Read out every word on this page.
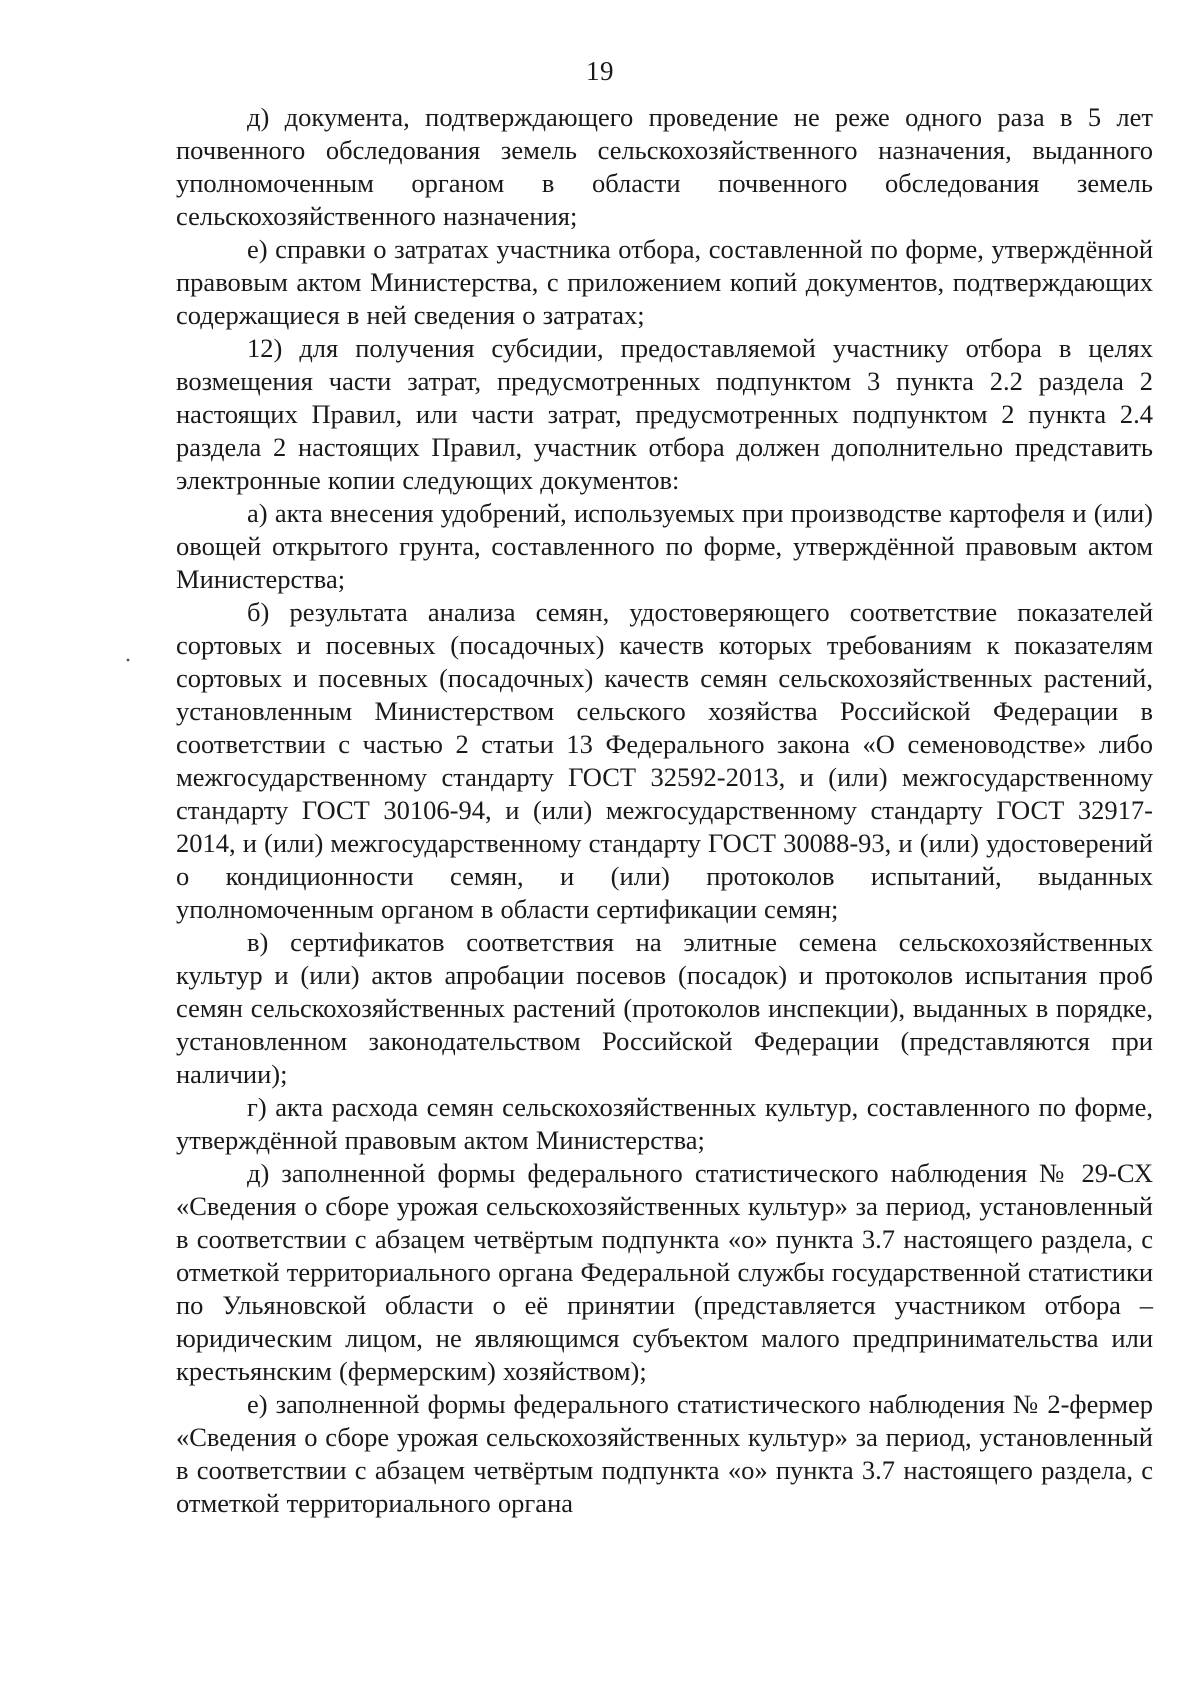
19

д) документа, подтверждающего проведение не реже одного раза в 5 лет почвенного обследования земель сельскохозяйственного назначения, выданного уполномоченным органом в области почвенного обследования земель сельскохозяйственного назначения;

е) справки о затратах участника отбора, составленной по форме, утверждённой правовым актом Министерства, с приложением копий документов, подтверждающих содержащиеся в ней сведения о затратах;

12) для получения субсидии, предоставляемой участнику отбора в целях возмещения части затрат, предусмотренных подпунктом 3 пункта 2.2 раздела 2 настоящих Правил, или части затрат, предусмотренных подпунктом 2 пункта 2.4 раздела 2 настоящих Правил, участник отбора должен дополнительно представить электронные копии следующих документов:

а) акта внесения удобрений, используемых при производстве картофеля и (или) овощей открытого грунта, составленного по форме, утверждённой правовым актом Министерства;

б) результата анализа семян, удостоверяющего соответствие показателей сортовых и посевных (посадочных) качеств которых требованиям к показателям сортовых и посевных (посадочных) качеств семян сельскохозяйственных растений, установленным Министерством сельского хозяйства Российской Федерации в соответствии с частью 2 статьи 13 Федерального закона «О семеноводстве» либо межгосударственному стандарту ГОСТ 32592-2013, и (или) межгосударственному стандарту ГОСТ 30106-94, и (или) межгосударственному стандарту ГОСТ 32917-2014, и (или) межгосударственному стандарту ГОСТ 30088-93, и (или) удостоверений о кондиционности семян, и (или) протоколов испытаний, выданных уполномоченным органом в области сертификации семян;

в) сертификатов соответствия на элитные семена сельскохозяйственных культур и (или) актов апробации посевов (посадок) и протоколов испытания проб семян сельскохозяйственных растений (протоколов инспекции), выданных в порядке, установленном законодательством Российской Федерации (представляются при наличии);

г) акта расхода семян сельскохозяйственных культур, составленного по форме, утверждённой правовым актом Министерства;

д) заполненной формы федерального статистического наблюдения № 29-СХ «Сведения о сборе урожая сельскохозяйственных культур» за период, установленный в соответствии с абзацем четвёртым подпункта «о» пункта 3.7 настоящего раздела, с отметкой территориального органа Федеральной службы государственной статистики по Ульяновской области о её принятии (представляется участником отбора – юридическим лицом, не являющимся субъектом малого предпринимательства или крестьянским (фермерским) хозяйством);

е) заполненной формы федерального статистического наблюдения № 2-фермер «Сведения о сборе урожая сельскохозяйственных культур» за период, установленный в соответствии с абзацем четвёртым подпункта «о» пункта 3.7 настоящего раздела, с отметкой территориального органа
